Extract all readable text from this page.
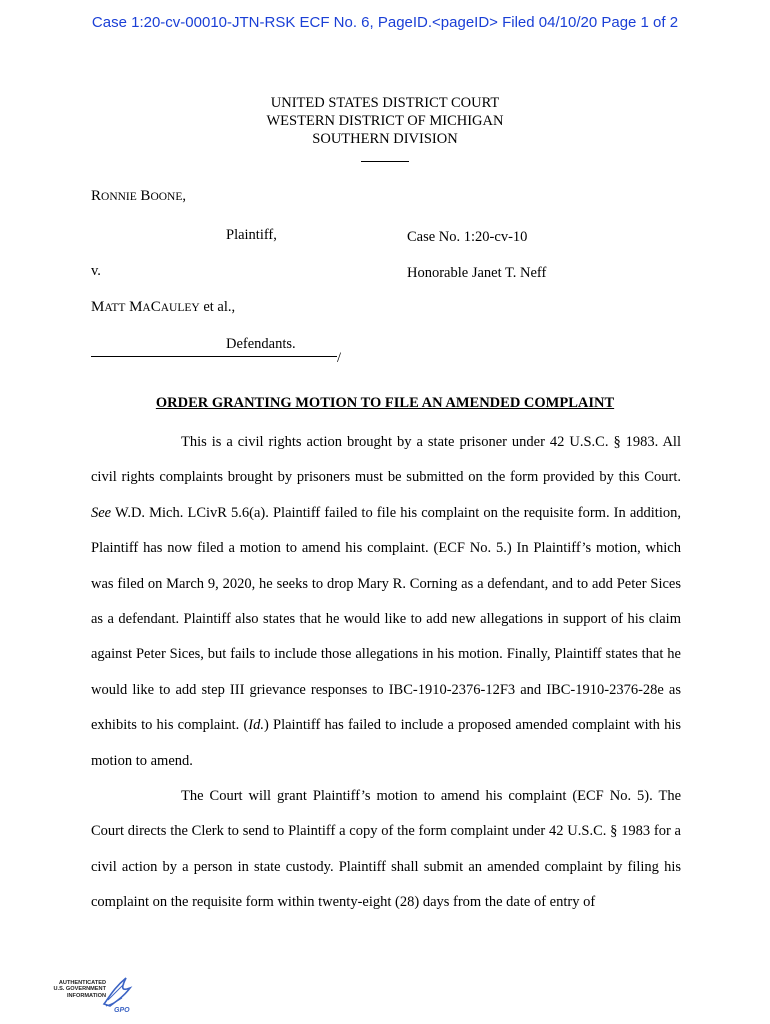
Case 1:20-cv-00010-JTN-RSK ECF No. 6, PageID.<pageID> Filed 04/10/20 Page 1 of 2
UNITED STATES DISTRICT COURT
WESTERN DISTRICT OF MICHIGAN
SOUTHERN DIVISION
RONNIE BOONE,
Plaintiff,	Case No. 1:20-cv-10
v.	Honorable Janet T. Neff
MATT MACAULEY et al.,
Defendants.
/
ORDER GRANTING MOTION TO FILE AN AMENDED COMPLAINT

This is a civil rights action brought by a state prisoner under 42 U.S.C. § 1983. All civil rights complaints brought by prisoners must be submitted on the form provided by this Court. See W.D. Mich. LCivR 5.6(a). Plaintiff failed to file his complaint on the requisite form. In addition, Plaintiff has now filed a motion to amend his complaint. (ECF No. 5.) In Plaintiff’s motion, which was filed on March 9, 2020, he seeks to drop Mary R. Corning as a defendant, and to add Peter Sices as a defendant. Plaintiff also states that he would like to add new allegations in support of his claim against Peter Sices, but fails to include those allegations in his motion. Finally, Plaintiff states that he would like to add step III grievance responses to IBC-1910-2376-12F3 and IBC-1910-2376-28e as exhibits to his complaint. (Id.) Plaintiff has failed to include a proposed amended complaint with his motion to amend.

The Court will grant Plaintiff’s motion to amend his complaint (ECF No. 5). The Court directs the Clerk to send to Plaintiff a copy of the form complaint under 42 U.S.C. § 1983 for a civil action by a person in state custody. Plaintiff shall submit an amended complaint by filing his complaint on the requisite form within twenty-eight (28) days from the date of entry of

AUTHENTICATED
U.S. GOVERNMENT
INFORMATION
GPO
